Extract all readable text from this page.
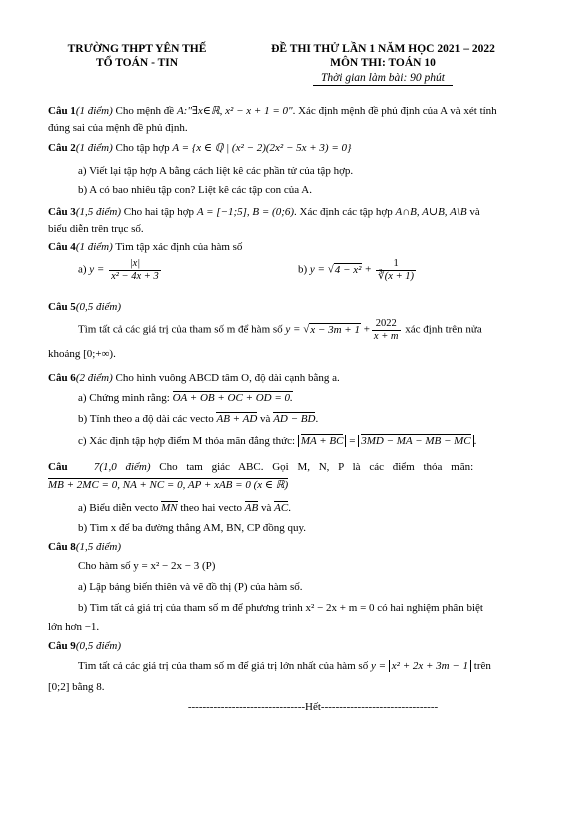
TRƯỜNG THPT YÊN THẾ
TỔ TOÁN - TIN
ĐỀ THI THỬ LẦN 1 NĂM HỌC 2021 – 2022
MÔN THI: TOÁN 10
Thời gian làm bài: 90 phút
Câu 1(1 điểm) Cho mệnh đề A:"∃x∈ℝ, x² − x + 1 = 0". Xác định mệnh đề phủ định của A và xét tính
đúng sai của mệnh đề phủ định.
Câu 2(1 điểm) Cho tập hợp A = {x ∈ ℚ | (x² − 2)(2x² − 5x + 3) = 0}
a) Viết lại tập hợp A bằng cách liệt kê các phần tử của tập hợp.
b) A có bao nhiêu tập con? Liệt kê các tập con của A.
Câu 3(1,5 điểm) Cho hai tập hợp A = [−1;5], B = (0;6). Xác định các tập hợp A∩B, A∪B, A\B và
biểu diễn trên trục số.
Câu 4(1 điểm) Tìm tập xác định của hàm số
a) $y = \frac{|x|}{\text{x² − 4x + 3}}$	b) $y = √4 - x^2 + \frac{1}{∛(x + 1)}$
Câu 5(0,5 điểm)
Tìm tất cả các giá trị của tham số m để hàm số $y = √x - 3m + 1 + \frac{2022}{x + m}$ xác định trên nửa
khoảng [0;+∞).
Câu 6(2 điểm) Cho hình vuông ABCD tâm O, độ dài cạnh bằng a.
a) Chứng minh rằng: OA + OB + OC + OD = 0.
b) Tính theo a độ dài các vecto AB + AD và AD − BD.
c) Xác định tập hợp điểm M thỏa mãn đẳng thức: MA + BC = 3MD − MA − MB − MC .
Câu 7(1,0 điểm) Cho tam giác ABC. Gọi M, N, P là các điểm thỏa mãn:
MB + 2MC = 0, NA + NC = 0, AP + xAB = 0 (x ∈ ℝ)
a) Biểu diễn vecto MN theo hai vecto AB và AC.
b) Tìm x để ba đường thẳng AM, BN, CP đồng quy.
Câu 8(1,5 điểm)
Cho hàm số y = x² − 2x − 3 (P)
a) Lập bảng biến thiên và vẽ đồ thị (P) của hàm số.
b) Tìm tất cả giá trị của tham số m để phương trình x² − 2x + m = 0 có hai nghiệm phân biệt
lớn hơn −1.
Câu 9(0,5 điểm)
Tìm tất cả các giá trị của tham số m để giá trị lớn nhất của hàm số y = x² + 2x + 3m − 1 trên
[0;2] bằng 8.
--------------------------------Hết--------------------------------
